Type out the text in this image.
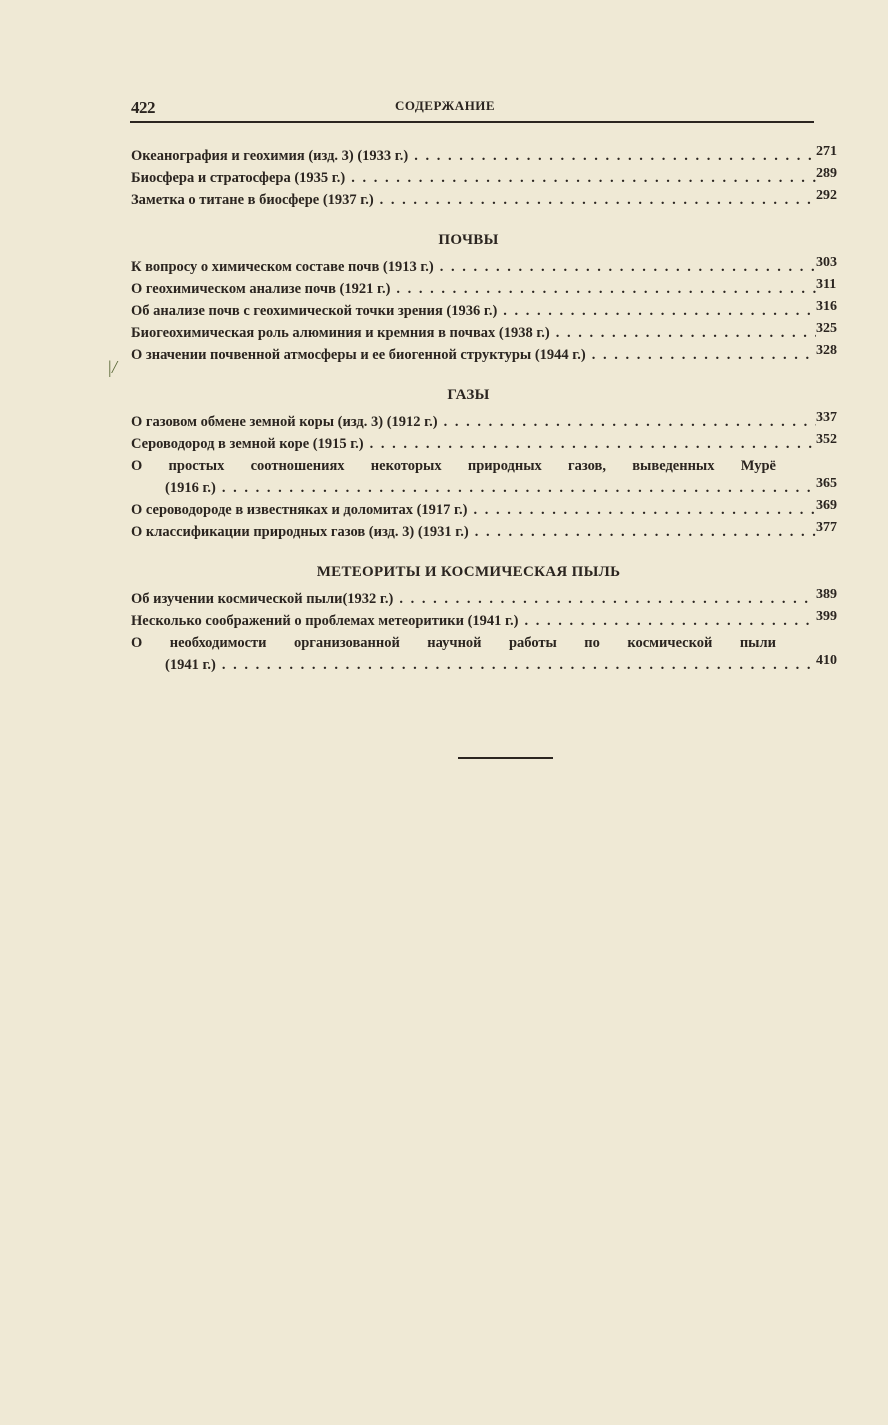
422	СОДЕРЖАНИЕ
|/
Океанография и геохимия (изд. 3) (1933 г.) . . .	271
Биосфера и стратосфера (1935 г.) . . .	289
Заметка о титане в биосфере (1937 г.) . . .	292
ПОЧВЫ
К вопросу о химическом составе почв (1913 г.) . . .	303
О геохимическом анализе почв (1921 г.) . . .	311
Об анализе почв с геохимической точки зрения (1936 г.) . . .	316
Биогеохимическая роль алюминия и кремния в почвах (1938 г.) . . .	325
О значении почвенной атмосферы и ее биогенной структуры (1944 г.) . . .	328
ГАЗЫ
О газовом обмене земной коры (изд. 3) (1912 г.) . . .	337
Сероводород в земной коре (1915 г.) . . .	352
О простых соотношениях некоторых природных газов, выведенных Мурё
(1916 г.) . . .	365
О сероводороде в известняках и доломитах (1917 г.) . . .	369
О классификации природных газов (изд. 3) (1931 г.) . . .	377
МЕТЕОРИТЫ И КОСМИЧЕСКАЯ ПЫЛЬ
Об изучении космической пыли(1932 г.) . . .	389
Несколько соображений о проблемах метеоритики (1941 г.) . . .	399
О необходимости организованной научной работы по космической пыли
(1941 г.) . . .	410
